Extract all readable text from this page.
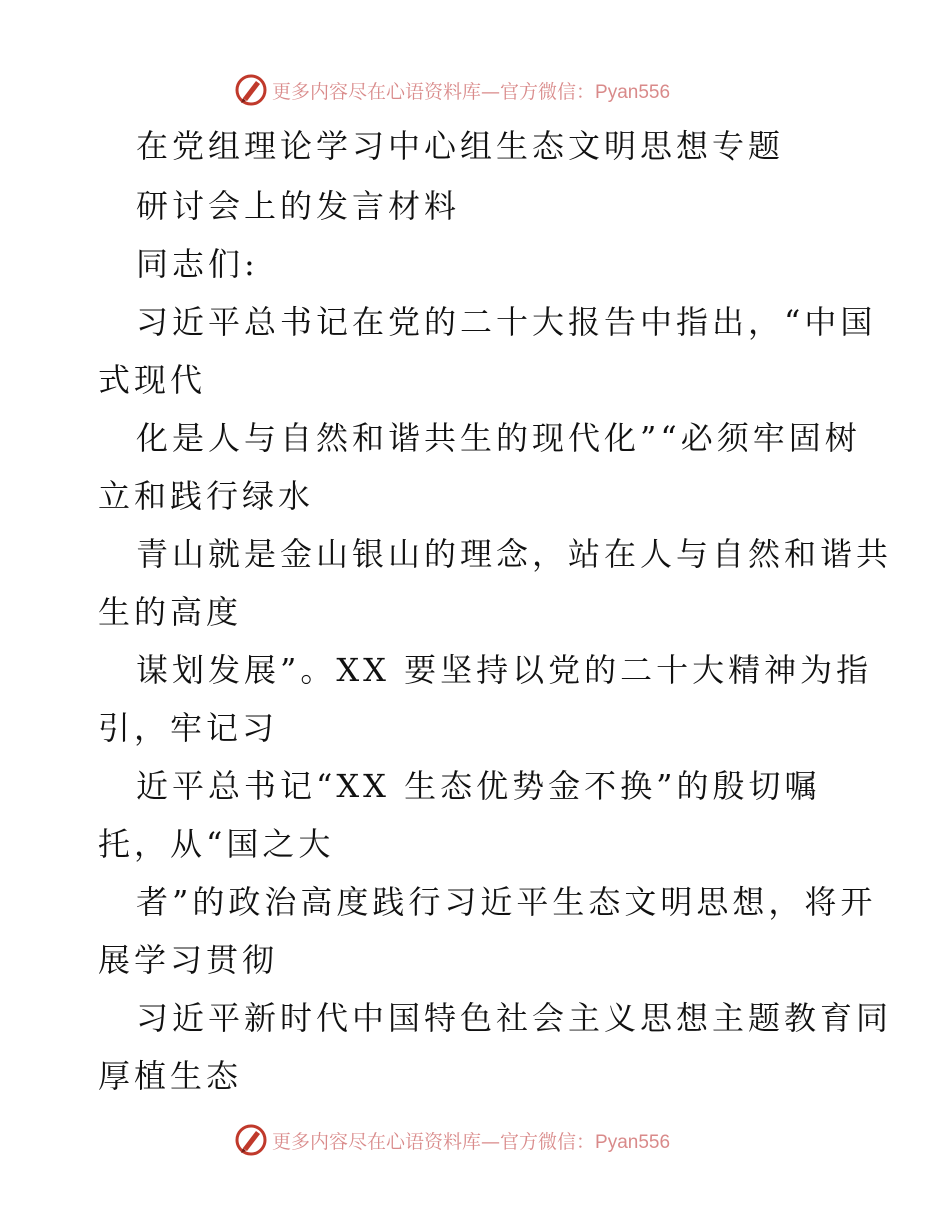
更多内容尽在心语资料库—官方微信：Pyan556
在党组理论学习中心组生态文明思想专题
研讨会上的发言材料
同志们:
习近平总书记在党的二十大报告中指出，“中国
式现代
化是人与自然和谐共生的现代化”“必须牢固树
立和践行绿水
青山就是金山银山的理念，站在人与自然和谐共
生的高度
谋划发展”。XX 要坚持以党的二十大精神为指
引，牢记习
近平总书记“XX 生态优势金不换”的殷切嘱
托，从“国之大
者”的政治高度践行习近平生态文明思想，将开
展学习贯彻
习近平新时代中国特色社会主义思想主题教育同
厚植生态
更多内容尽在心语资料库—官方微信：Pyan556
